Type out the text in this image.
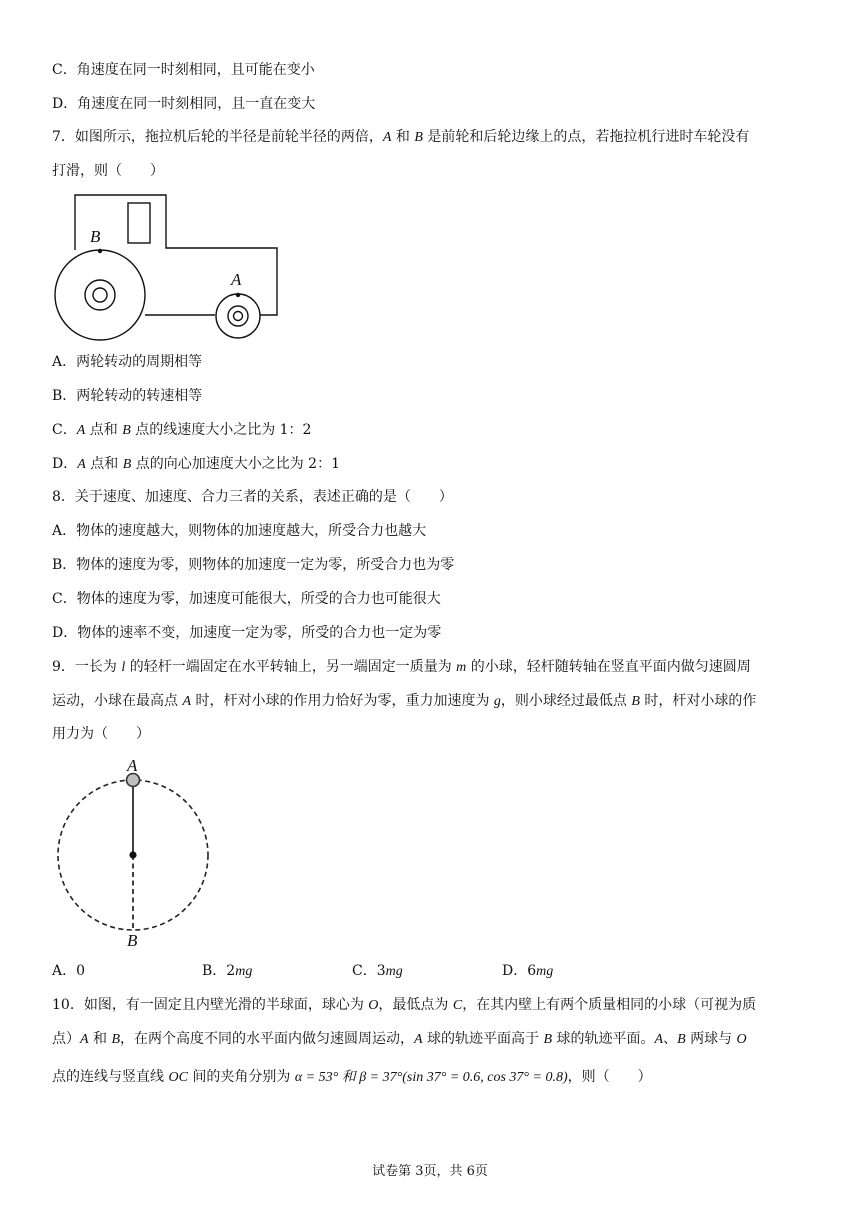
C．角速度在同一时刻相同，且可能在变小
D．角速度在同一时刻相同，且一直在变大
7．如图所示，拖拉机后轮的半径是前轮半径的两倍，A 和 B 是前轮和后轮边缘上的点，若拖拉机行进时车轮没有
打滑，则（　　）
B
A
A．两轮转动的周期相等
B．两轮转动的转速相等
C．A 点和 B 点的线速度大小之比为 1：2
D．A 点和 B 点的向心加速度大小之比为 2：1
8．关于速度、加速度、合力三者的关系，表述正确的是（　　）
A．物体的速度越大，则物体的加速度越大，所受合力也越大
B．物体的速度为零，则物体的加速度一定为零，所受合力也为零
C．物体的速度为零，加速度可能很大，所受的合力也可能很大
D．物体的速率不变，加速度一定为零，所受的合力也一定为零
9．一长为 l 的轻杆一端固定在水平转轴上，另一端固定一质量为 m 的小球，轻杆随转轴在竖直平面内做匀速圆周
运动，小球在最高点 A 时，杆对小球的作用力恰好为零，重力加速度为 g，则小球经过最低点 B 时，杆对小球的作
用力为（　　）
A
B
A．0	B．2mg	C．3mg	D．6mg
10．如图，有一固定且内壁光滑的半球面，球心为 O，最低点为 C，在其内壁上有两个质量相同的小球（可视为质
点）A 和 B，在两个高度不同的水平面内做匀速圆周运动，A 球的轨迹平面高于 B 球的轨迹平面。A、B 两球与 O
点的连线与竖直线 OC 间的夹角分别为 α = 53° 和 β = 37°(sin 37° = 0.6, cos 37° = 0.8)，则（　　）
试卷第 3页，共 6页
